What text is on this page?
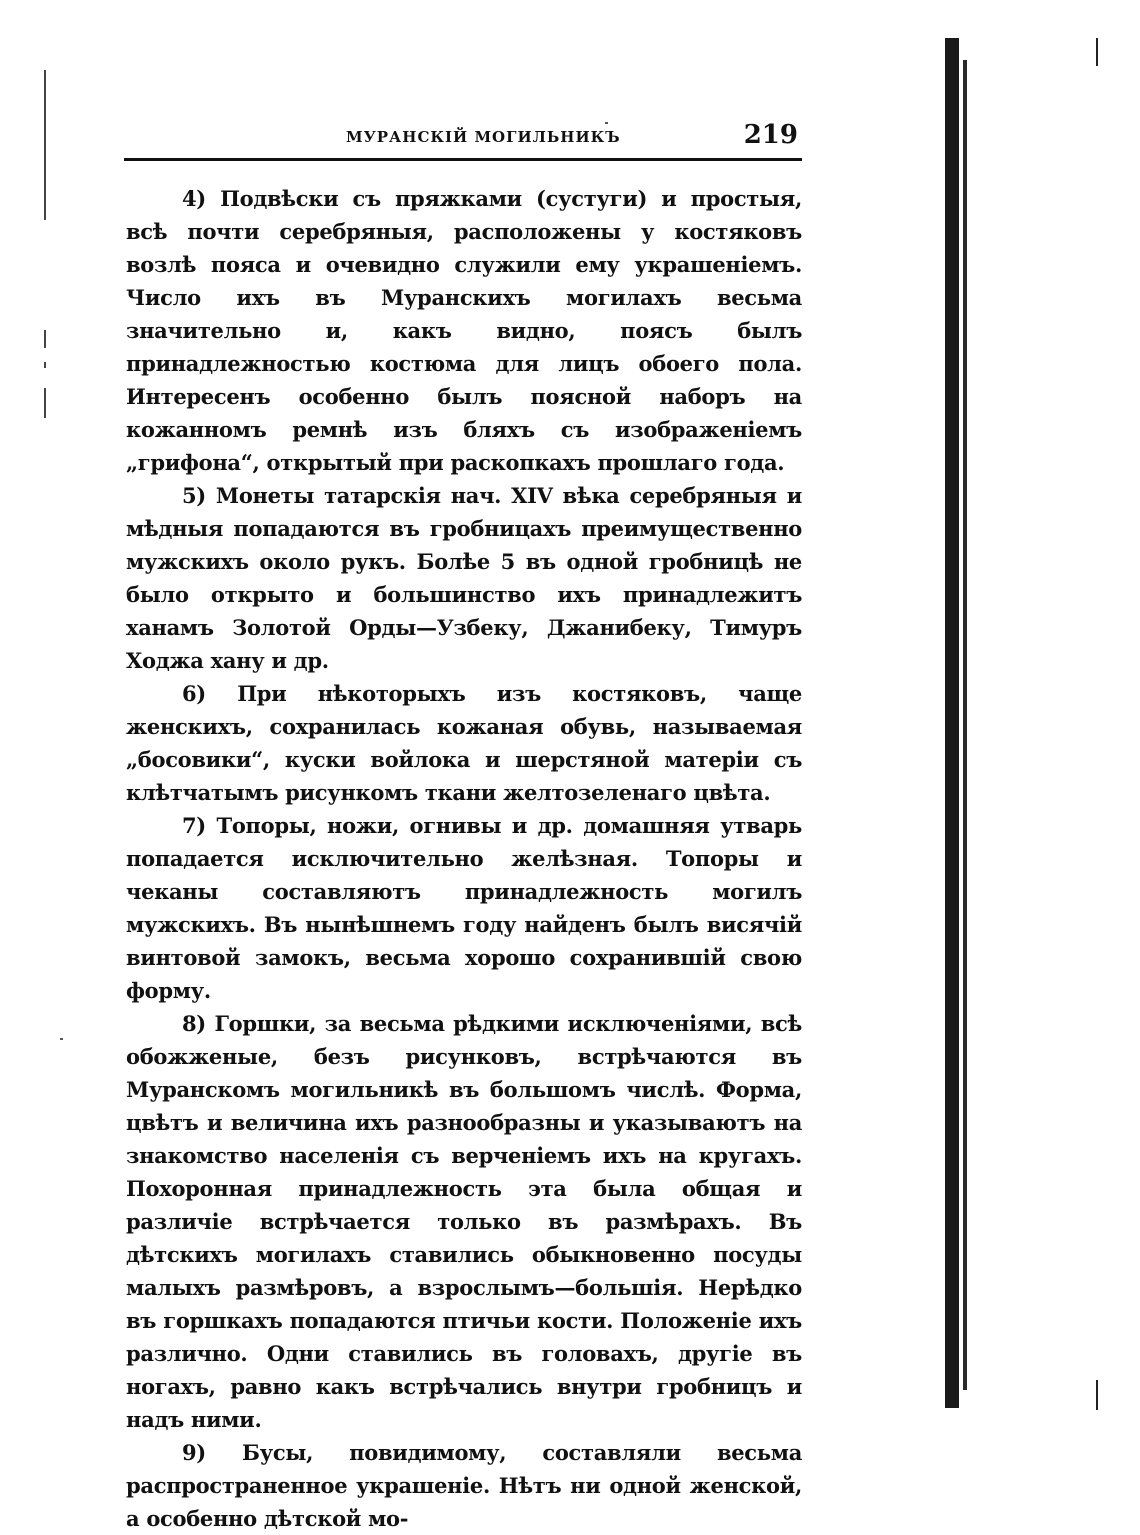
МУРАНСКІЙ МОГИЛЬНИКЪ	219

4) Подвѣски съ пряжками (сустуги) и простыя, всѣ почти серебряныя, расположены у костяковъ возлѣ пояса и очевидно служили ему украшеніемъ. Число ихъ въ Муранскихъ могилахъ весьма значительно и, какъ видно, поясъ былъ принадлежностью костюма для лицъ обоего пола. Интересенъ особенно былъ поясной наборъ на кожанномъ ремнѣ изъ бляхъ съ изображеніемъ „грифона“, открытый при раскопкахъ прошлаго года.

5) Монеты татарскія нач. XIV вѣка серебряныя и мѣдныя попадаются въ гробницахъ преимущественно мужскихъ около рукъ. Болѣе 5 въ одной гробницѣ не было открыто и большинство ихъ принадлежитъ ханамъ Золотой Орды—Узбеку, Джанибеку, Тимуръ Ходжа хану и др.

6) При нѣкоторыхъ изъ костяковъ, чаще женскихъ, сохранилась кожаная обувь, называемая „босовики“, куски войлока и шерстяной матеріи съ клѣтчатымъ рисункомъ ткани желтозеленаго цвѣта.

7) Топоры, ножи, огнивы и др. домашняя утварь попадается исключительно желѣзная. Топоры и чеканы составляютъ принадлежность могилъ мужскихъ. Въ нынѣшнемъ году найденъ былъ висячій винтовой замокъ, весьма хорошо сохранившій свою форму.

8) Горшки, за весьма рѣдкими исключеніями, всѣ обожженые, безъ рисунковъ, встрѣчаются въ Муранскомъ могильникѣ въ большомъ числѣ. Форма, цвѣтъ и величина ихъ разнообразны и указываютъ на знакомство населенія съ верченіемъ ихъ на кругахъ. Похоронная принадлежность эта была общая и различіе встрѣчается только въ размѣрахъ. Въ дѣтскихъ могилахъ ставились обыкновенно посуды малыхъ размѣровъ, а взрослымъ—большія. Нерѣдко въ горшкахъ попадаются птичьи кости. Положеніе ихъ различно. Одни ставились въ головахъ, другіе въ ногахъ, равно какъ встрѣчались внутри гробницъ и надъ ними.

9) Бусы, повидимому, составляли весьма распространенное украшеніе. Нѣтъ ни одной женской, а особенно дѣтской мо-
